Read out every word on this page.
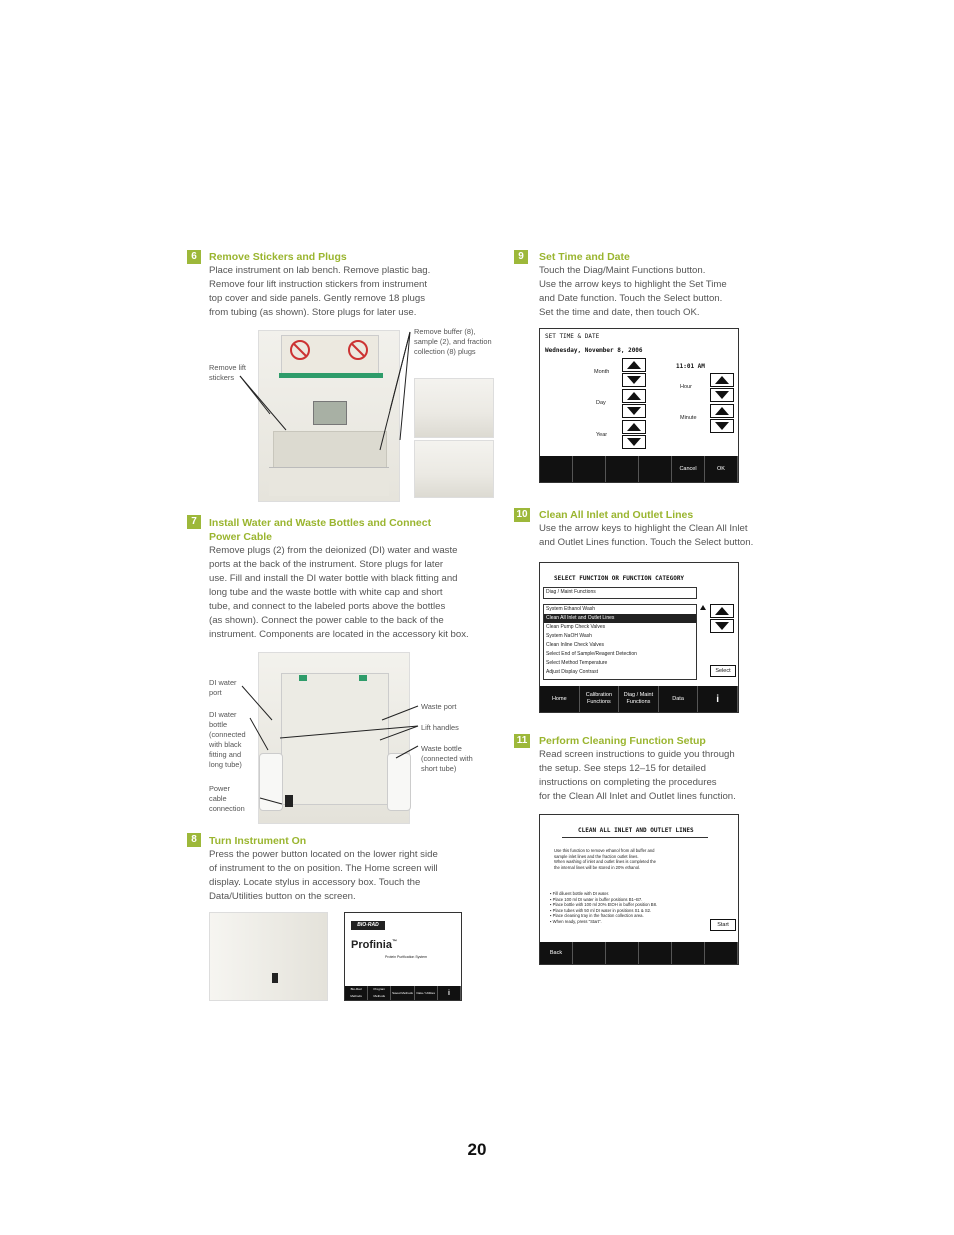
6	Remove Stickers and Plugs
Place instrument on lab bench. Remove plastic bag.
Remove four lift instruction stickers from instrument
top cover and side panels. Gently remove 18 plugs
from tubing (as shown). Store plugs for later use.
Remove buffer (8),
sample (2), and fraction
collection (8) plugs
Remove lift
stickers
7	Install Water and Waste Bottles and Connect
Power Cable
Remove plugs (2) from the deionized (DI) water and waste
ports at the back of the instrument. Store plugs for later
use. Fill and install the DI water bottle with black fitting and
long tube and the waste bottle with white cap and short
tube, and connect to the labeled ports above the bottles
(as shown). Connect the power cable to the back of the
instrument. Components are located in the accessory kit box.
DI water
port
DI water
bottle
(connected
with black
fitting and
long tube)
Power
cable
connection
Waste port
Lift handles
Waste bottle
(connected with
short tube)
8	Turn Instrument On
Press the power button located on the lower right side
of instrument to the on position. The Home screen will
display. Locate stylus in accessory box. Touch the
Data/Utilities button on the screen.
BIO-RAD
Profinia™
Protein Purification System
Bio-Rad Methods
Program Methods
Saved Methods	Data / Utilities	i
9	Set Time and Date
Touch the Diag/Maint Functions button.
Use the arrow keys to highlight the Set Time
and Date function. Touch the Select button.
Set the time and date, then touch OK.
SET TIME & DATE
Wednesday, November 8, 2006
11:01 AM
Month
Day
Year
Hour
Minute
Cancel	OK
10 Clean All Inlet and Outlet Lines
Use the arrow keys to highlight the Clean All Inlet
and Outlet Lines function. Touch the Select button.
SELECT FUNCTION OR FUNCTION CATEGORY
Diag / Maint Functions
System Ethanol Wash
Clean All Inlet and Outlet Lines
Clean Pump Check Valves
System NaOH Wash
Clean Inline Check Valves
Select End of Sample/Reagent Detection
Select Method Temperature
Adjust Display Contrast	Select
Home
Calibration Functions
Diag / Maint Functions
Data	i
11 Perform Cleaning Function Setup
Read screen instructions to guide you through
the setup. See steps 12–15 for detailed
instructions on completing the procedures
for the Clean All Inlet and Outlet lines function.
CLEAN ALL INLET AND OUTLET LINES
Use this function to remove ethanol from all buffer and
sample inlet lines and the fraction outlet lines.
When washing of inlet and outlet lines is completed the
the internal lines will be stored in 20% ethanol.
▪ Fill diluent bottle with DI water.
▪ Place 100 ml DI water in buffer positions B1–B7.
▪ Place bottle with 100 ml 20% EtOH in buffer position B8.
▪ Place tubes with 50 ml DI water in positions S1 & S2.
▪ Place cleaning tray in the fraction collection area.
▪ When ready, press "Start".
Start
Back
20
